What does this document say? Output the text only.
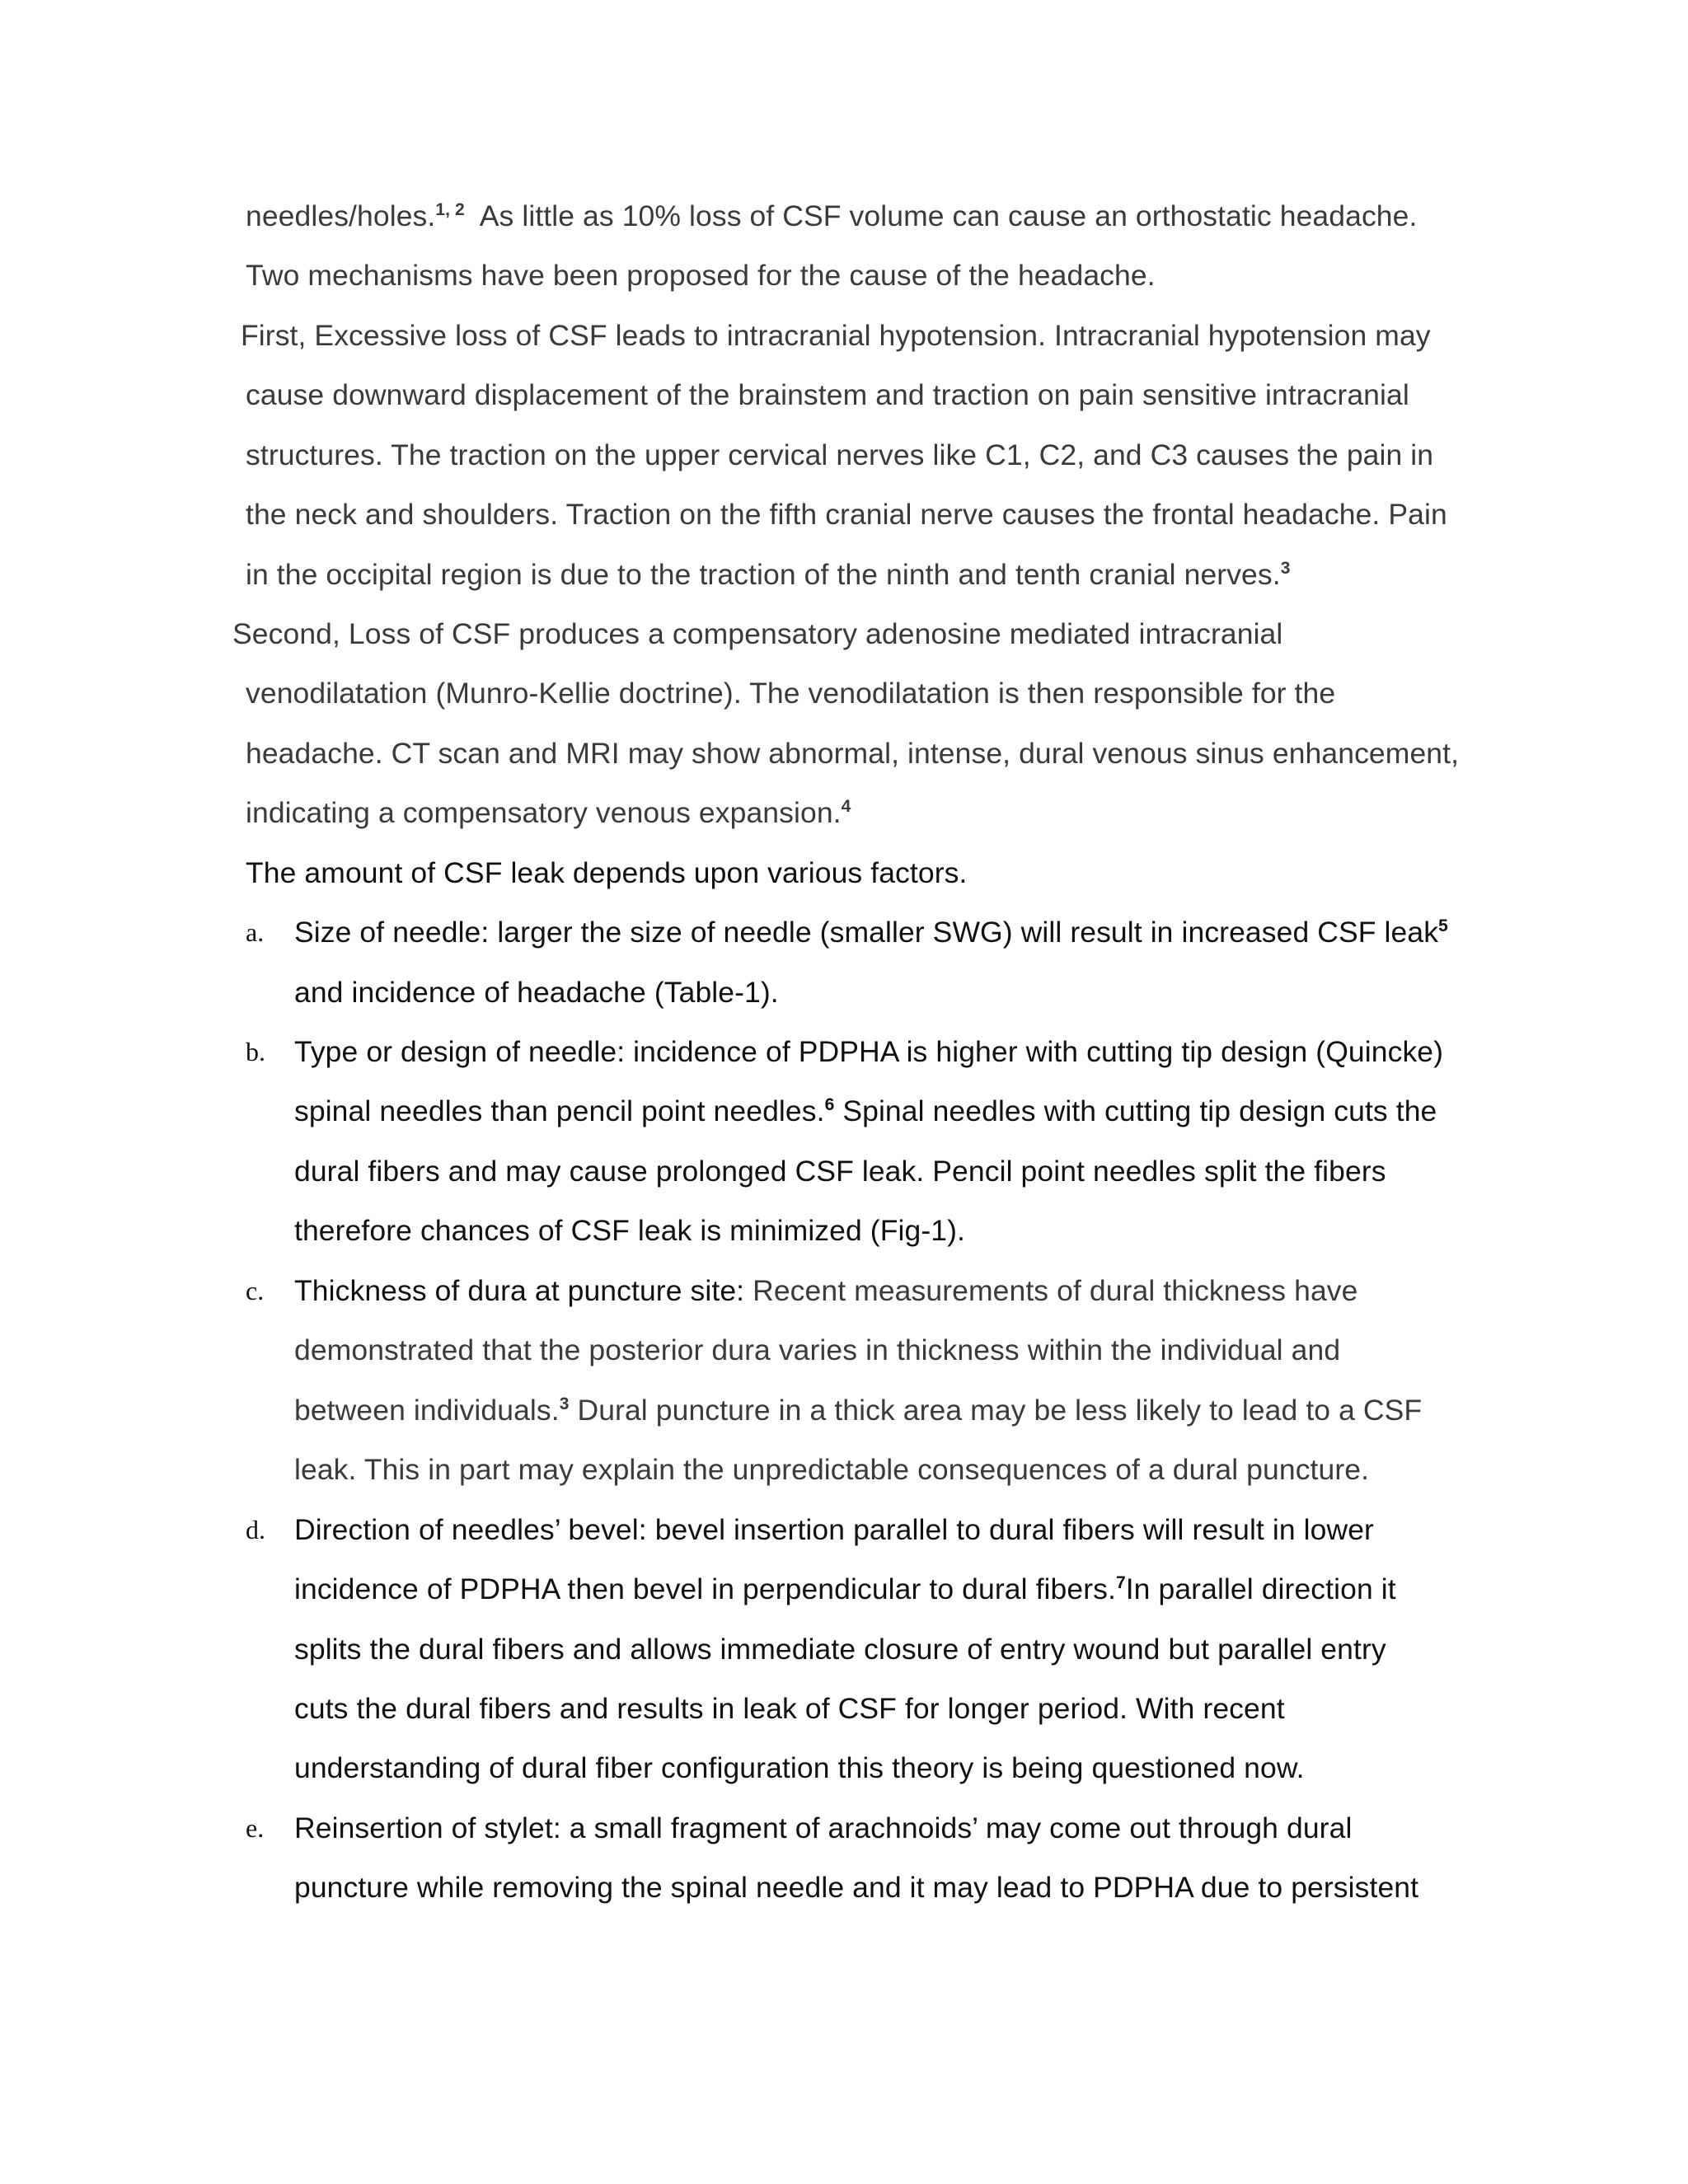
needles/holes.$^{1, 2}$  As little as 10% loss of CSF volume can cause an orthostatic headache.

Two mechanisms have been proposed for the cause of the headache.

First, Excessive loss of CSF leads to intracranial hypotension. Intracranial hypotension may

cause downward displacement of the brainstem and traction on pain sensitive intracranial

structures. The traction on the upper cervical nerves like C1, C2, and C3 causes the pain in

the neck and shoulders. Traction on the fifth cranial nerve causes the frontal headache. Pain

in the occipital region is due to the traction of the ninth and tenth cranial nerves.$^3$

Second, Loss of CSF produces a compensatory adenosine mediated intracranial

venodilatation (Munro-Kellie doctrine). The venodilatation is then responsible for the

headache. CT scan and MRI may show abnormal, intense, dural venous sinus enhancement,

indicating a compensatory venous expansion.$^4$

The amount of CSF leak depends upon various factors.

a. Size of needle: larger the size of needle (smaller SWG) will result in increased CSF leak$^5$

and incidence of headache (Table-1).

b. Type or design of needle: incidence of PDPHA is higher with cutting tip design (Quincke)

spinal needles than pencil point needles.$^6$ Spinal needles with cutting tip design cuts the

dural fibers and may cause prolonged CSF leak. Pencil point needles split the fibers

therefore chances of CSF leak is minimized (Fig-1).

c. Thickness of dura at puncture site: Recent measurements of dural thickness have

demonstrated that the posterior dura varies in thickness within the individual and

between individuals.$^3$ Dural puncture in a thick area may be less likely to lead to a CSF

leak. This in part may explain the unpredictable consequences of a dural puncture.

d. Direction of needles’ bevel: bevel insertion parallel to dural fibers will result in lower

incidence of PDPHA then bevel in perpendicular to dural fibers.$^7$In parallel direction it

splits the dural fibers and allows immediate closure of entry wound but parallel entry

cuts the dural fibers and results in leak of CSF for longer period. With recent

understanding of dural fiber configuration this theory is being questioned now.

e. Reinsertion of stylet: a small fragment of arachnoids’ may come out through dural

puncture while removing the spinal needle and it may lead to PDPHA due to persistent
